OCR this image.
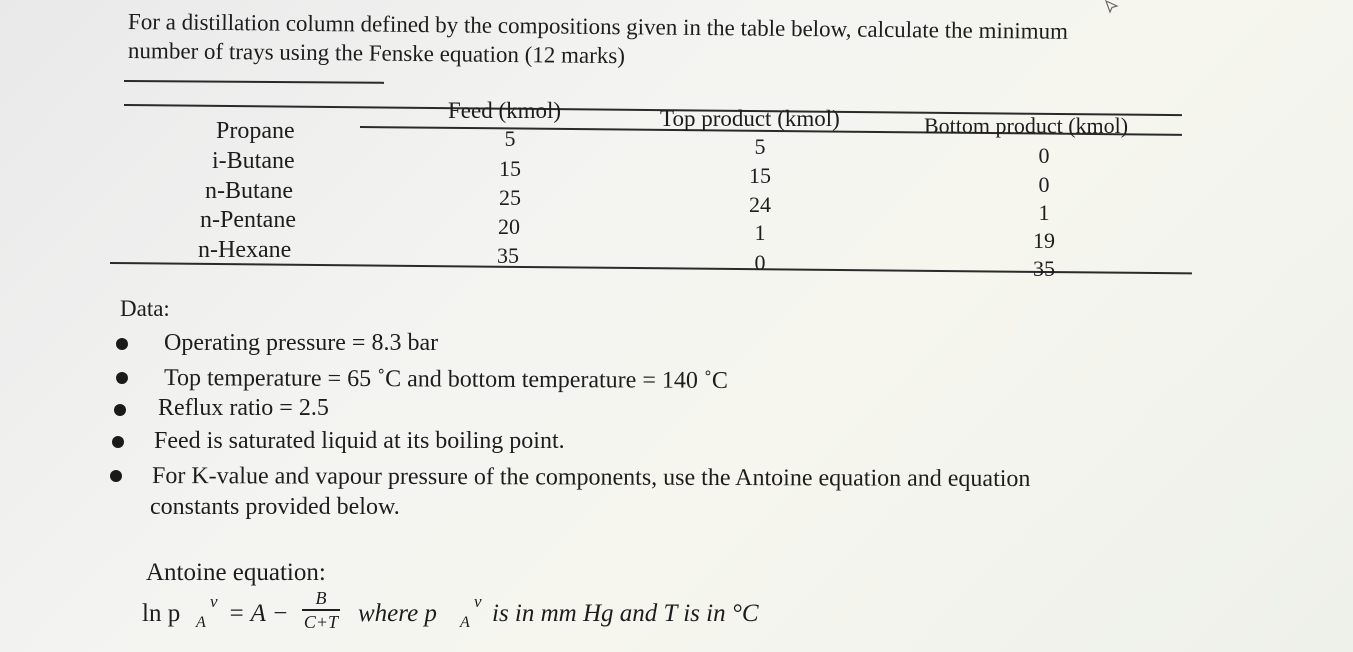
For a distillation column defined by the compositions given in the table below, calculate the minimum
number of trays using the Fenske equation (12 marks)
Feed (kmol)	Top product (kmol)	Bottom product (kmol)
Propane
i-Butane
n-Butane
n-Pentane
n-Hexane
5
15
25
20
35
5
15
24
1
0
0
0
1
19
35
Data:
Operating pressure = 8.3 bar
Top temperature = 65 ˚C and bottom temperature = 140 ˚C
Reflux ratio = 2.5
Feed is saturated liquid at its boiling point.
For K-value and vapour pressure of the components, use the Antoine equation and equation
constants provided below.
Antoine equation:
ln p A
v = A −
B
C+T where p A
v is in mm Hg and T is in °C
